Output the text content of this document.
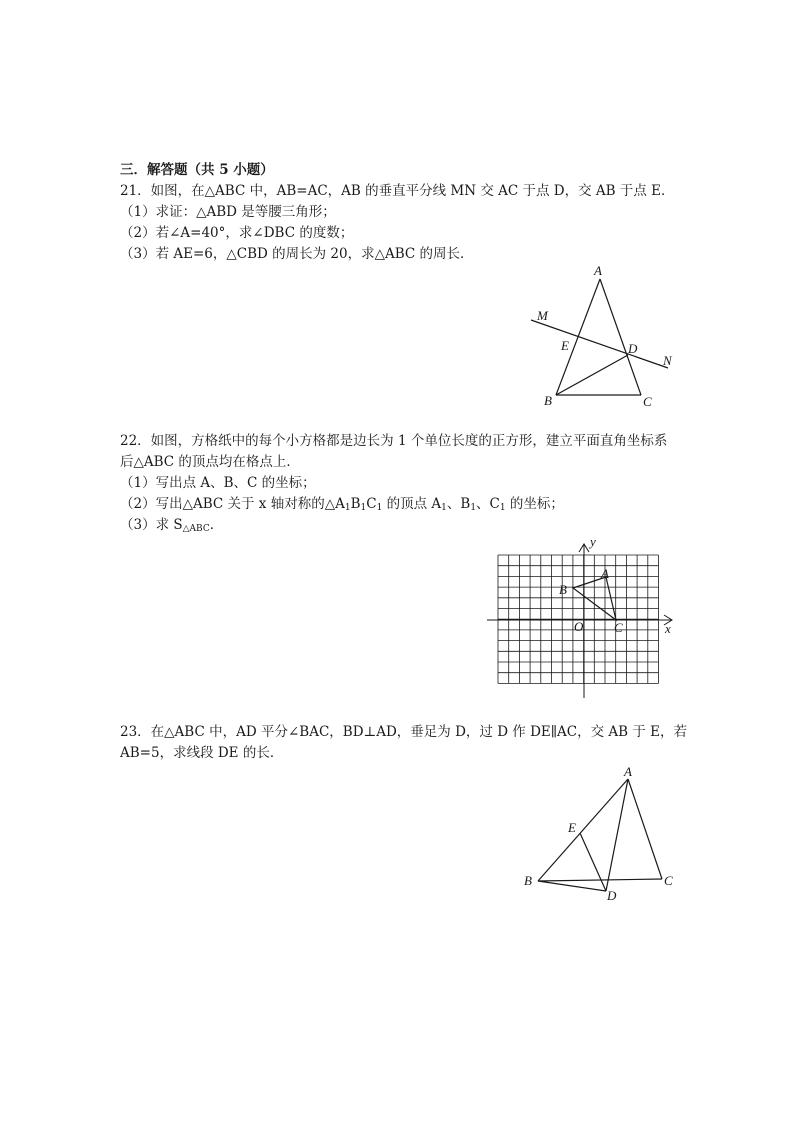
三．解答题（共 5 小题）
21．如图，在△ABC 中，AB=AC，AB 的垂直平分线 MN 交 AC 于点 D，交 AB 于点 E．
（1）求证：△ABD 是等腰三角形；
（2）若∠A=40°，求∠DBC 的度数；
（3）若 AE=6，△CBD 的周长为 20，求△ABC 的周长．
A
M
E	D
N
B	C
22．如图，方格纸中的每个小方格都是边长为 1 个单位长度的正方形，建立平面直角坐标系
后△ABC 的顶点均在格点上．
（1）写出点 A、B、C 的坐标；
（2）写出△ABC 关于 x 轴对称的$\triangle A_1B_1C_1$ 的顶点 $A_1$、$B_1$、$C_1$ 的坐标；
（3）求 $S_{\triangle ABC}$．
y
x
O
A
B
C
23．在△ABC 中，AD 平分∠BAC，BD⊥AD，垂足为 D，过 D 作 DE∥AC，交 AB 于 E，若
AB=5，求线段 DE 的长．
A
E
B	C
D
